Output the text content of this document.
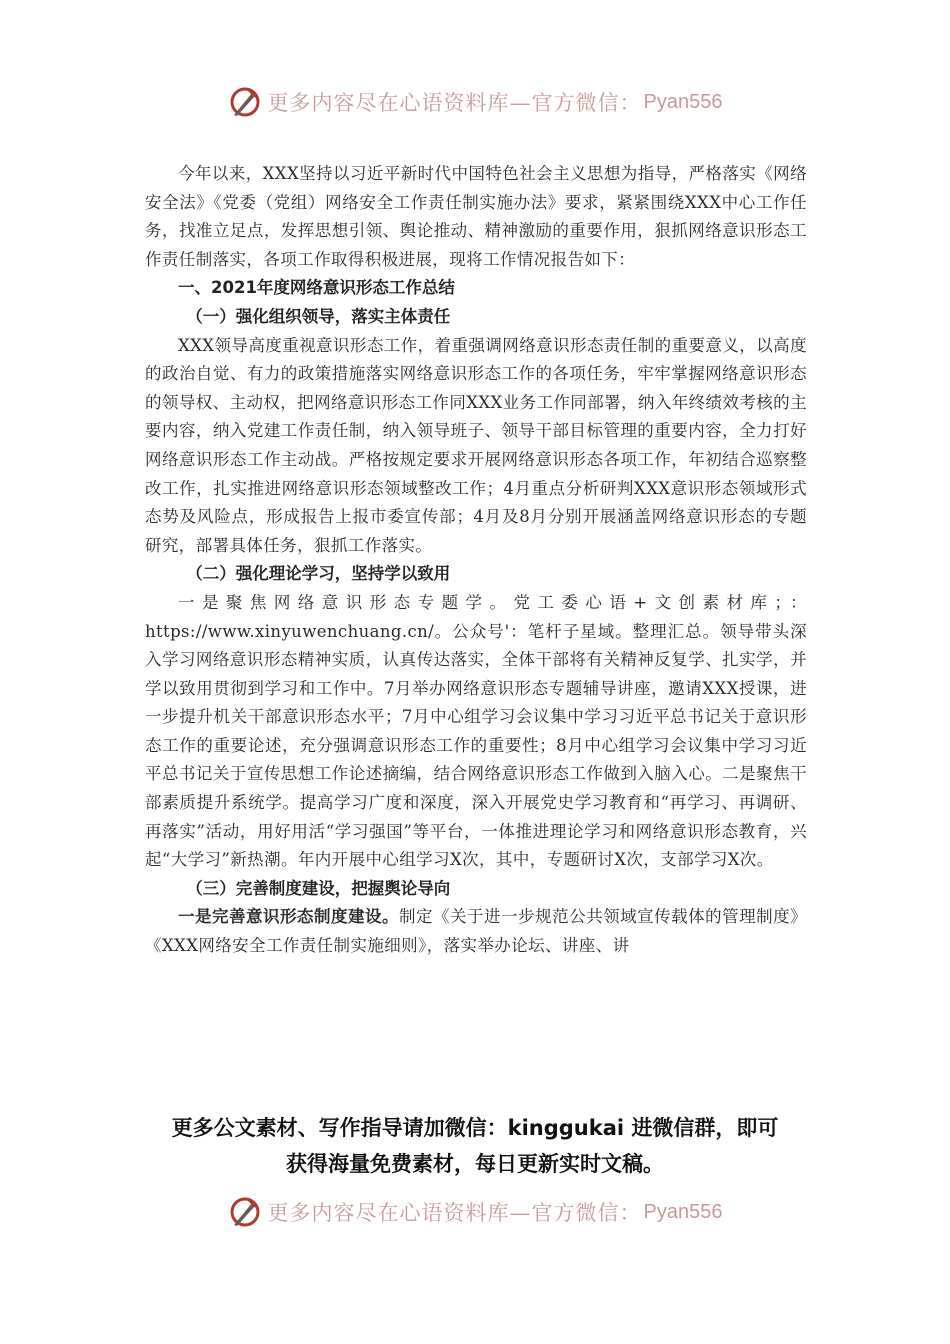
更多内容尽在心语资料库—官方微信： Pyan556

今年以来，XXX坚持以习近平新时代中国特色社会主义思想为指导，严格落实《网络安全法》《党委（党组）网络安全工作责任制实施办法》要求，紧紧围绕XXX中心工作任务，找准立足点，发挥思想引领、舆论推动、精神激励的重要作用，狠抓网络意识形态工作责任制落实，各项工作取得积极进展，现将工作情况报告如下：

一、2021年度网络意识形态工作总结

（一）强化组织领导，落实主体责任

XXX领导高度重视意识形态工作，着重强调网络意识形态责任制的重要意义，以高度的政治自觉、有力的政策措施落实网络意识形态工作的各项任务，牢牢掌握网络意识形态的领导权、主动权，把网络意识形态工作同XXX业务工作同部署，纳入年终绩效考核的主要内容，纳入党建工作责任制，纳入领导班子、领导干部目标管理的重要内容，全力打好网络意识形态工作主动战。严格按规定要求开展网络意识形态各项工作，年初结合巡察整改工作，扎实推进网络意识形态领域整改工作；4月重点分析研判XXX意识形态领域形式态势及风险点，形成报告上报市委宣传部；4月及8月分别开展涵盖网络意识形态的专题研究，部署具体任务，狠抓工作落实。

（二）强化理论学习，坚持学以致用

一是聚焦网络意识形态专题学。党工委心语+文创素材库；：https://www.xinyuwenchuang.cn/。公众号'：笔杆子星域。整理汇总。领导带头深入学习网络意识形态精神实质，认真传达落实，全体干部将有关精神反复学、扎实学，并学以致用贯彻到学习和工作中。7月举办网络意识形态专题辅导讲座，邀请XXX授课，进一步提升机关干部意识形态水平；7月中心组学习会议集中学习习近平总书记关于意识形态工作的重要论述，充分强调意识形态工作的重要性；8月中心组学习会议集中学习习近平总书记关于宣传思想工作论述摘编，结合网络意识形态工作做到入脑入心。二是聚焦干部素质提升系统学。提高学习广度和深度，深入开展党史学习教育和“再学习、再调研、再落实”活动，用好用活“学习强国”等平台，一体推进理论学习和网络意识形态教育，兴起“大学习”新热潮。年内开展中心组学习X次，其中，专题研讨X次，支部学习X次。

（三）完善制度建设，把握舆论导向

一是完善意识形态制度建设。制定《关于进一步规范公共领域宣传载体的管理制度》《XXX网络安全工作责任制实施细则》，落实举办论坛、讲座、讲

更多公文素材、写作指导请加微信：kinggukai 进微信群，即可
获得海量免费素材，每日更新实时文稿。
更多内容尽在心语资料库—官方微信： Pyan556
